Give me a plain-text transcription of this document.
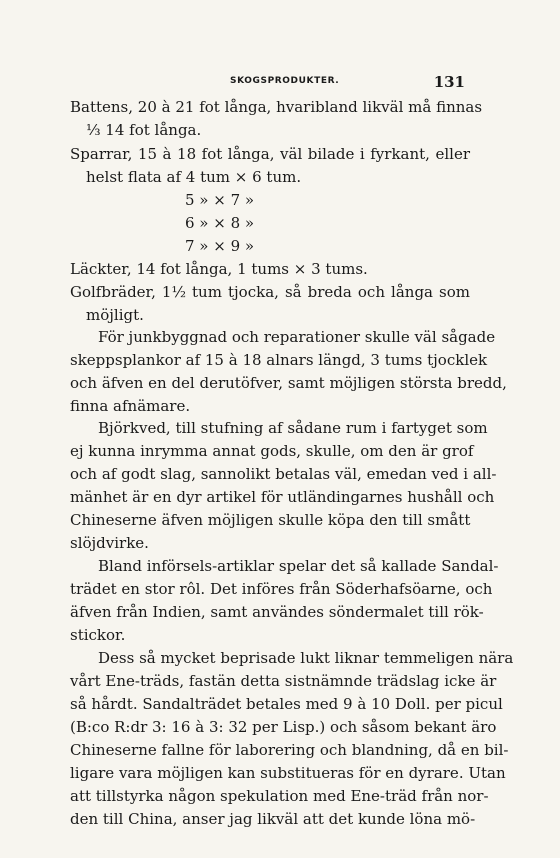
SKOGSPRODUKTER.	131
Battens, 20 à 21 fot långa, hvaribland likväl må finnas
⅓ 14 fot långa.
Sparrar, 15 à 18 fot långa, väl bilade i fyrkant, eller
helst flata af 4 tum × 6 tum.
5 » × 7 »
6 » × 8 »
7 » × 9 »
Läckter, 14 fot långa, 1 tums × 3 tums.
Golfbräder, 1½ tum tjocka, så breda och långa som
möjligt.
För junkbyggnad och reparationer skulle väl sågade
skeppsplankor af 15 à 18 alnars längd, 3 tums tjocklek
och äfven en del derutöfver, samt möjligen största bredd,
finna afnämare.
Björkved, till stufning af sådane rum i fartyget som
ej kunna inrymma annat gods, skulle, om den är grof
och af godt slag, sannolikt betalas väl, emedan ved i all-
mänhet är en dyr artikel för utländingarnes hushåll och
Chineserne äfven möjligen skulle köpa den till smått
slöjdvirke.
Bland införsels-artiklar spelar det så kallade Sandal-
trädet en stor rôl. Det införes från Söderhafsöarne, och
äfven från Indien, samt användes söndermalet till rök-
stickor.
Dess så mycket beprisade lukt liknar temmeligen nära
vårt Ene-träds, fastän detta sistnämnde trädslag icke är
så hårdt. Sandalträdet betales med 9 à 10 Doll. per picul
(B:co R:dr 3: 16 à 3: 32 per Lisp.) och såsom bekant äro
Chineserne fallne för laborering och blandning, då en bil-
ligare vara möjligen kan substitueras för en dyrare. Utan
att tillstyrka någon spekulation med Ene-träd från nor-
den till China, anser jag likväl att det kunde löna mö-
